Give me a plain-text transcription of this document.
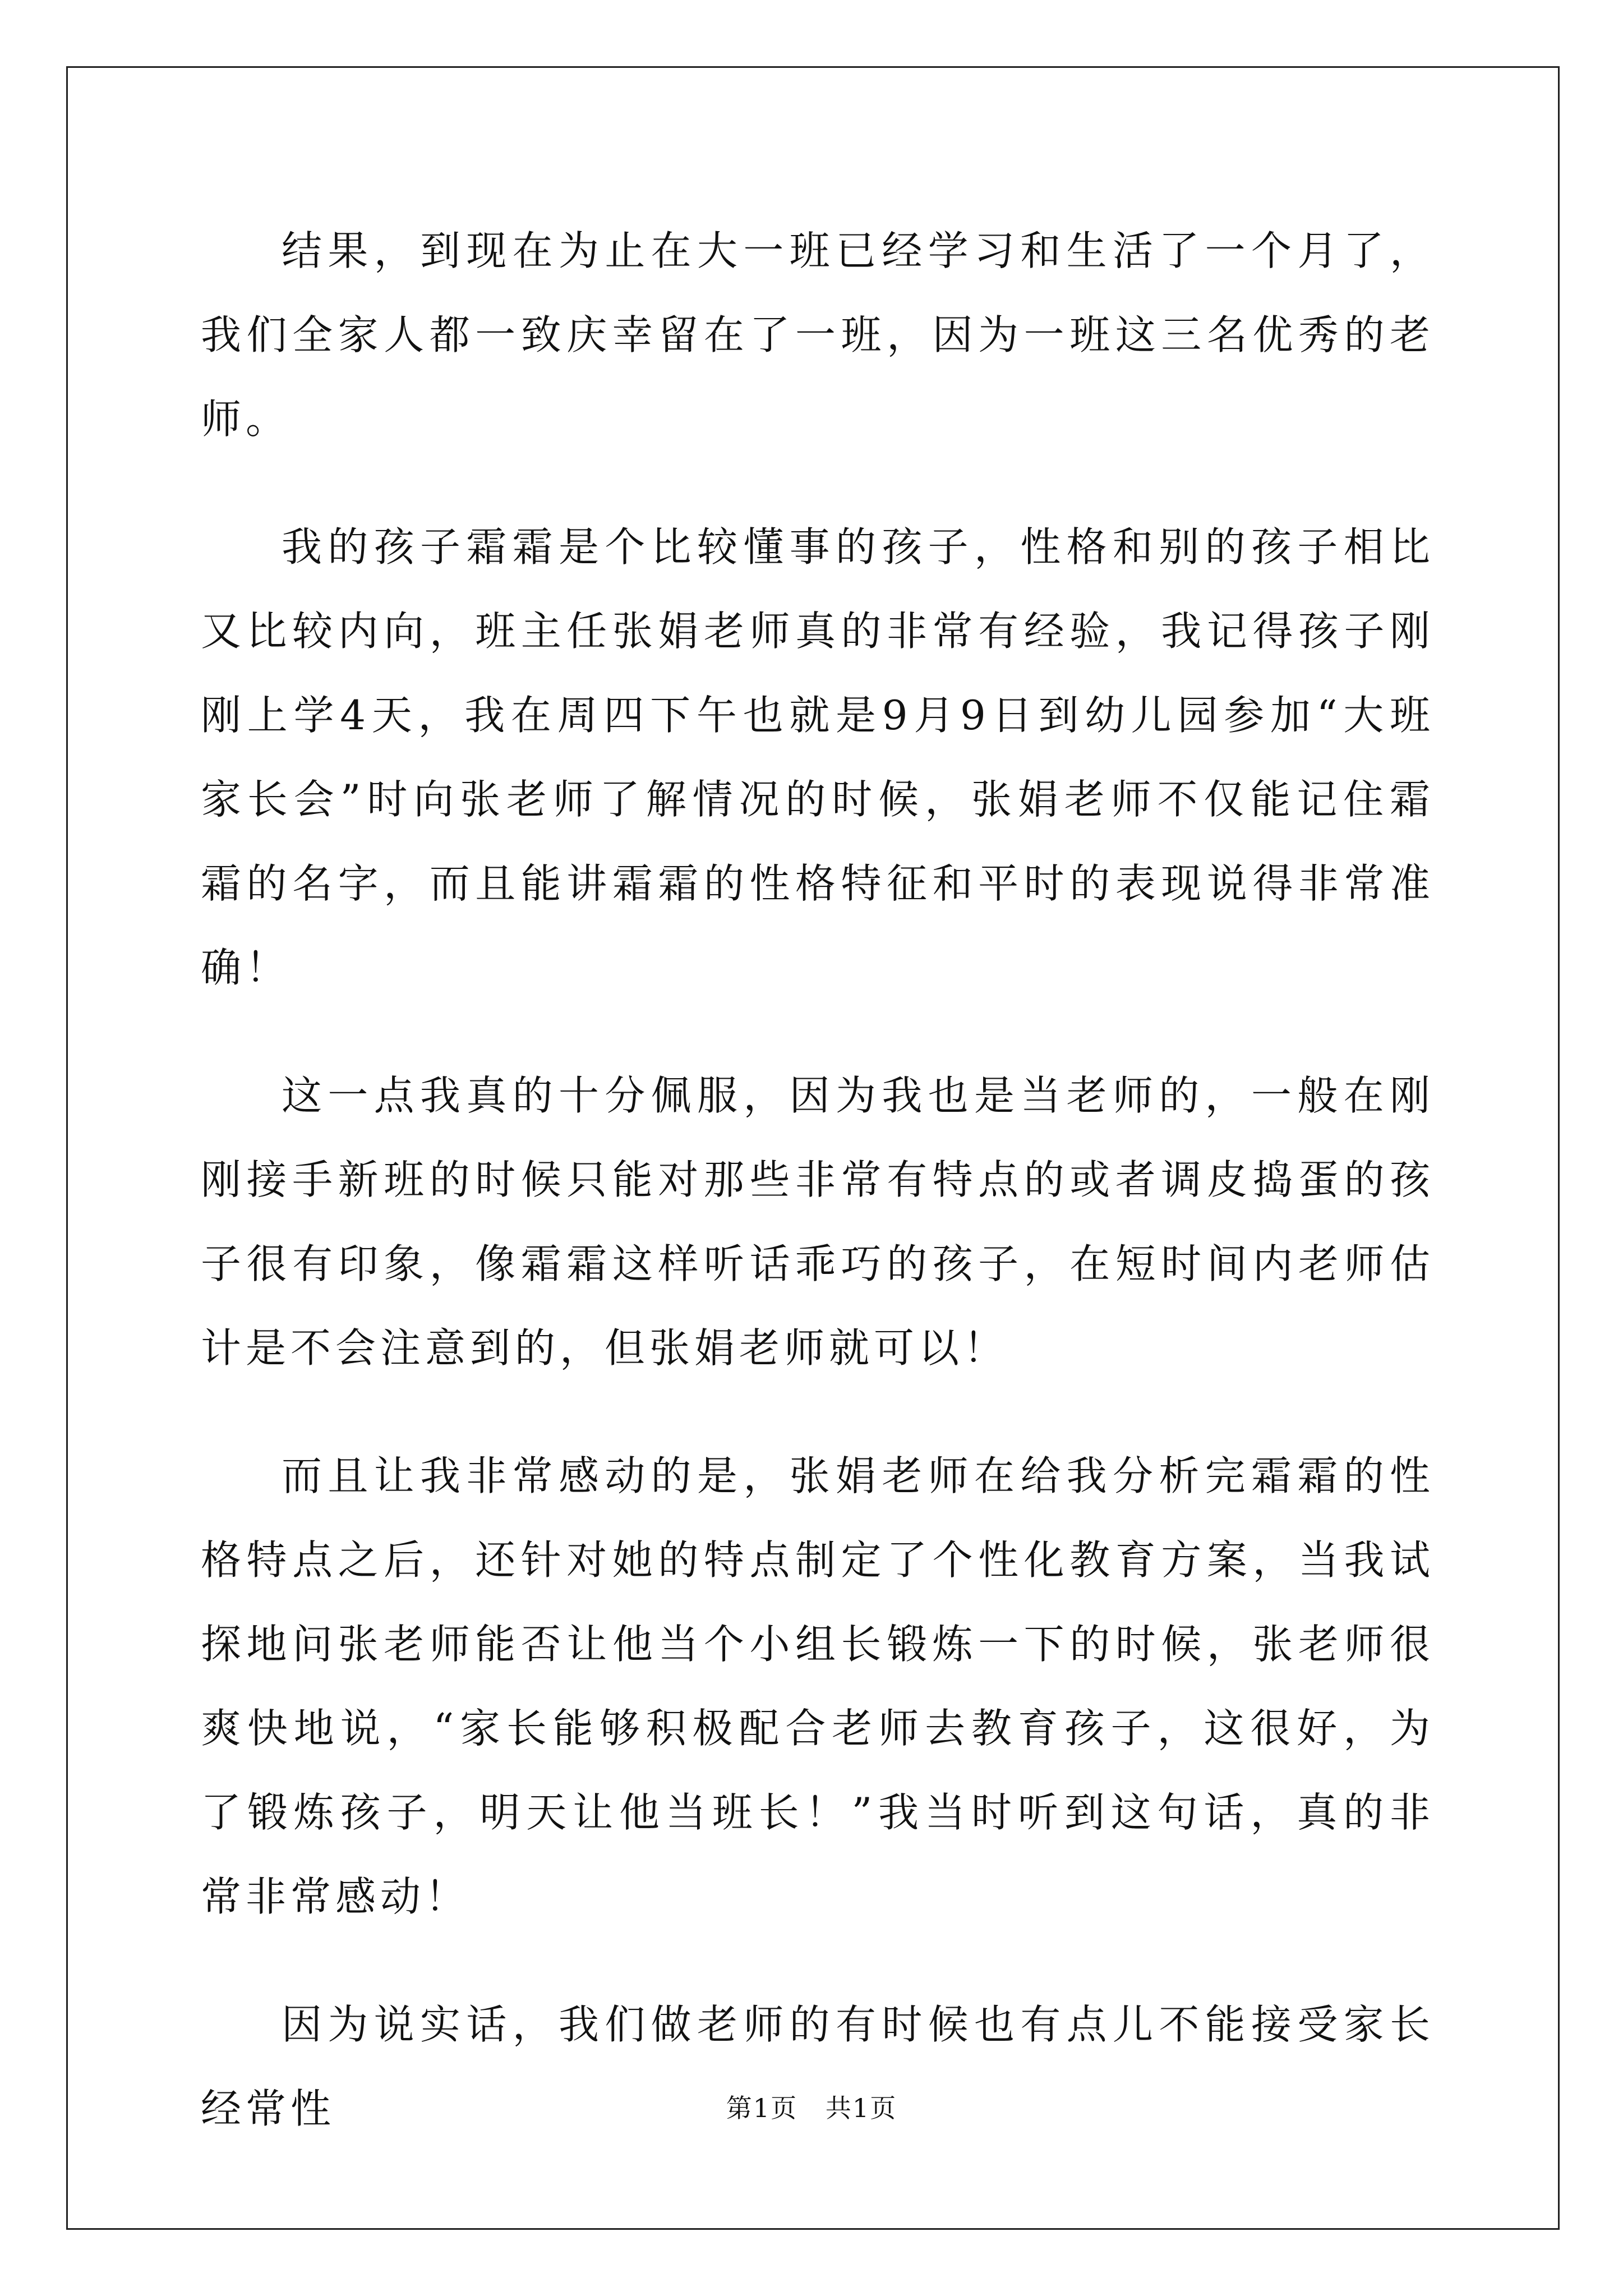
结果，到现在为止在大一班已经学习和生活了一个月了，我们全家人都一致庆幸留在了一班，因为一班这三名优秀的老师。

我的孩子霜霜是个比较懂事的孩子，性格和别的孩子相比又比较内向，班主任张娟老师真的非常有经验，我记得孩子刚刚上学4天，我在周四下午也就是9月9日到幼儿园参加“大班家长会”时向张老师了解情况的时候，张娟老师不仅能记住霜霜的名字，而且能讲霜霜的性格特征和平时的表现说得非常准确！

这一点我真的十分佩服，因为我也是当老师的，一般在刚刚接手新班的时候只能对那些非常有特点的或者调皮捣蛋的孩子很有印象，像霜霜这样听话乖巧的孩子，在短时间内老师估计是不会注意到的，但张娟老师就可以！

而且让我非常感动的是，张娟老师在给我分析完霜霜的性格特点之后，还针对她的特点制定了个性化教育方案，当我试探地问张老师能否让他当个小组长锻炼一下的时候，张老师很爽快地说，“家长能够积极配合老师去教育孩子，这很好，为了锻炼孩子，明天让他当班长！”我当时听到这句话，真的非常非常感动！

因为说实话，我们做老师的有时候也有点儿不能接受家长经常性	第1页   共1页
